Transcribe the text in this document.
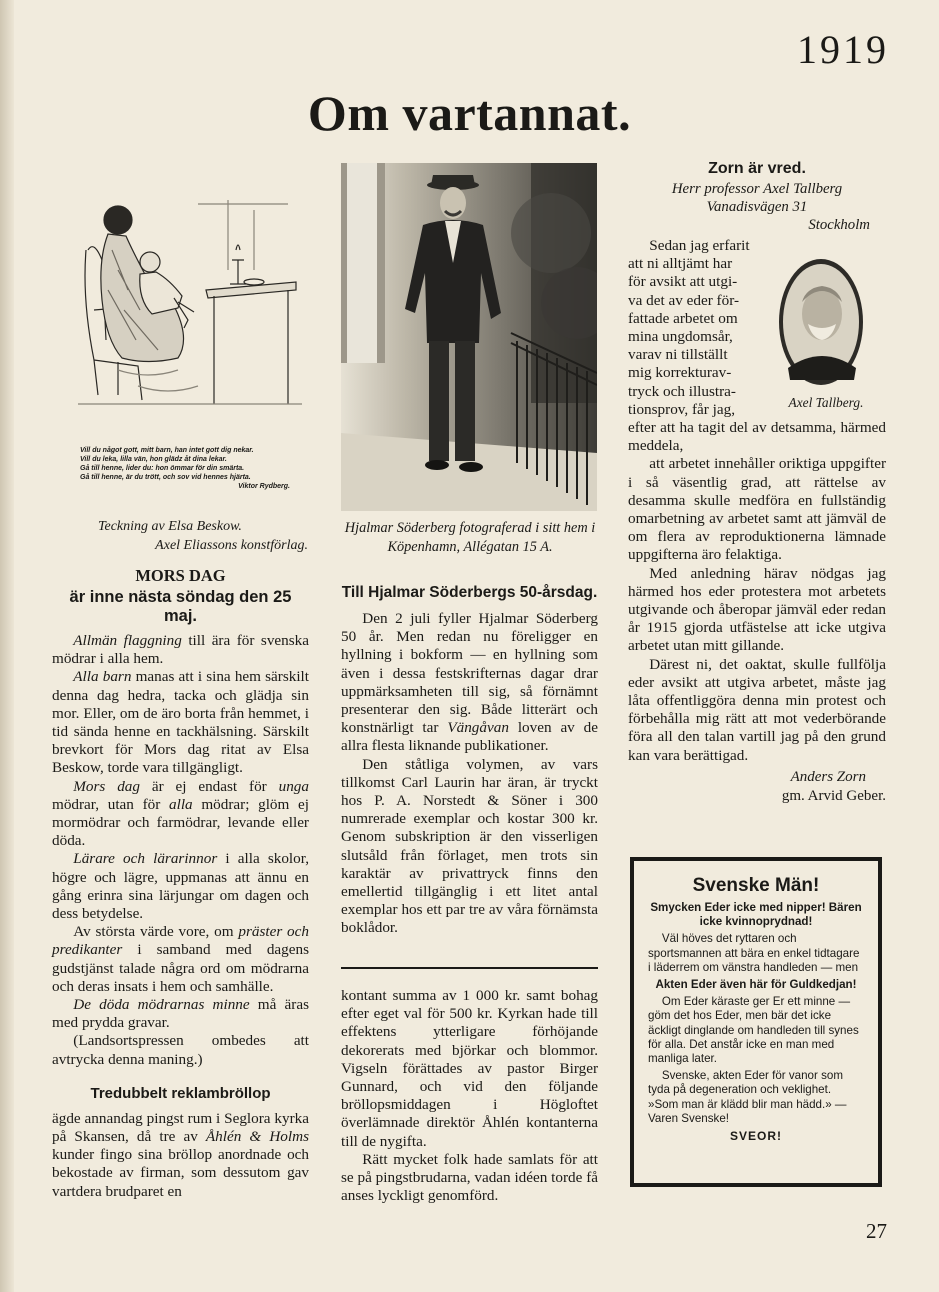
1919
Om vartannat.
Vill du något gott, mitt barn, han intet gott dig nekar.
Vill du leka, lilla vän, hon glädz åt dina lekar.
Gå till henne, lider du: hon ömmar för din smärta.
Gå till henne, är du trött, och sov vid hennes hjärta.
Viktor Rydberg.
Teckning av Elsa Beskow.
Axel Eliassons konstförlag.
MORS DAG
är inne nästa söndag den 25 maj.

Allmän flaggning till ära för svenska mödrar i alla hem.

Alla barn manas att i sina hem särskilt denna dag hedra, tacka och glädja sin mor. Eller, om de äro borta från hemmet, i tid sända henne en tackhälsning. Särskilt brevkort för Mors dag ritat av Elsa Beskow, torde vara tillgängligt.

Mors dag är ej endast för unga mödrar, utan för alla mödrar; glöm ej mormödrar och farmödrar, levande eller döda.

Lärare och lärarinnor i alla skolor, högre och lägre, uppmanas att ännu en gång erinra sina lärjungar om dagen och dess betydelse.

Av största värde vore, om präster och predikanter i samband med dagens gudstjänst talade några ord om mödrarna och deras insats i hem och samhälle.

De döda mödrarnas minne må äras med prydda gravar.

(Landsortspressen ombedes att avtrycka denna maning.)

Tredubbelt reklambröllop

ägde annandag pingst rum i Seglora kyrka på Skansen, då tre av Åhlén & Holms kunder fingo sina bröllop anordnade och bekostade av firman, som dessutom gav vartdera brudparet en

Hjalmar Söderberg fotograferad i sitt hem i Köpenhamn, Allégatan 15 A.
Till Hjalmar Söderbergs 50-årsdag.

Den 2 juli fyller Hjalmar Söderberg 50 år. Men redan nu föreligger en hyllning i bokform — en hyllning som även i dessa festskrifternas dagar drar uppmärksamheten till sig, så förnämnt presenterar den sig. Både litterärt och konstnärligt tar Vängåvan loven av de allra flesta liknande publikationer.

Den ståtliga volymen, av vars tillkomst Carl Laurin har äran, är tryckt hos P. A. Norstedt & Söner i 300 numrerade exemplar och kostar 300 kr. Genom subskription är den visserligen slutsåld från förlaget, men trots sin karaktär av privattryck finns den emellertid tillgänglig i ett litet antal exemplar hos ett par tre av våra förnämsta boklådor.

kontant summa av 1 000 kr. samt bohag efter eget val för 500 kr. Kyrkan hade till effektens ytterligare förhöjande dekorerats med björkar och blommor. Vigseln förättades av pastor Birger Gunnard, och vid den följande bröllopsmiddagen i Högloftet överlämnade direktör Åhlén kontanterna till de nygifta.

Rätt mycket folk hade samlats för att se på pingstbrudarna, vadan idéen torde få anses lyckligt genomförd.

Zorn är vred.
Herr professor Axel Tallberg
Vanadisvägen 31
Stockholm
Axel Tallberg.
Sedan jag erfarit
att ni alltjämt har
för avsikt att utgi-
va det av eder för-
fattade arbetet om
mina ungdomsår,
varav ni tillställt
mig korrekturav-
tryck och illustra-
tionsprov, får jag,

efter att ha tagit del av detsamma, härmed meddela,

att arbetet innehåller oriktiga uppgifter i så väsentlig grad, att rättelse av desamma skulle medföra en fullständig omarbetning av arbetet samt att jämväl de om flera av reproduktionerna lämnade uppgifterna äro felaktiga.

Med anledning härav nödgas jag härmed hos eder protestera mot arbetets utgivande och åberopar jämväl eder redan år 1915 gjorda utfästelse att icke utgiva arbetet utan mitt gillande.

Därest ni, det oaktat, skulle fullfölja eder avsikt att utgiva arbetet, måste jag låta offentliggöra denna min protest och förbehålla mig rätt att mot vederbörande föra all den talan vartill jag på den grund kan vara berättigad.

Anders Zorn
gm. Arvid Geber.
Svenske Män!

Smycken Eder icke med nipper! Bären icke kvinnoprydnad!

Väl höves det ryttaren och sportsmannen att bära en enkel tidtagare i läderrem om vänstra handleden — men

Akten Eder även här för Guldkedjan!

Om Eder käraste ger Er ett minne — göm det hos Eder, men bär det icke äckligt dinglande om handleden till synes för alla. Det anstår icke en man med manliga later.

Svenske, akten Eder för vanor som tyda på degeneration och veklighet. »Som man är klädd blir man hädd.» — Varen Svenske!

SVEOR!
27
